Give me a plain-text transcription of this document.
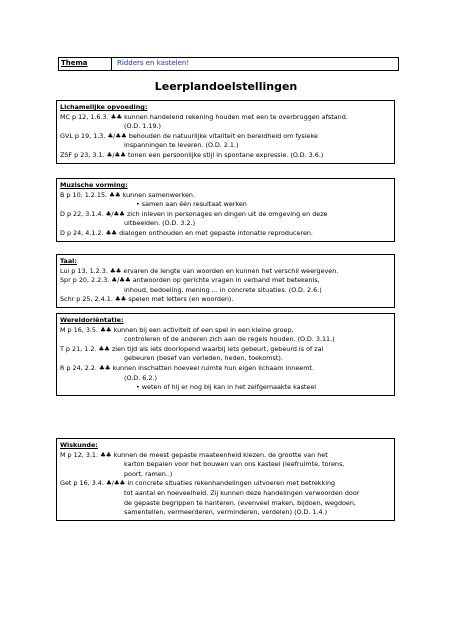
Thema	Ridders en kastelen!
Leerplandoelstellingen
Lichamelijke opvoeding:
MC p 12, 1.6.3. ♣♣ kunnen handelend rekening houden met een te overbruggen afstand.
(O.D. 1.19.)
GVL p 19, 1.3. ♣/♣♣ behouden de natuurlijke vitaliteit en bereidheid om fysieke
inspanningen te leveren. (O.D. 2.1.)
ZSF p 23, 3.1. ♣/♣♣ tonen een persoonlijke stijl in spontane expressie. (O.D. 3.6.)
Muzische vorming:
B p 10, 1.2.15. ♣♣ kunnen samenwerken.
• samen aan één resultaat werken
D p 22, 3.1.4. ♣/♣♣ zich inleven in personages en dingen uit de omgeving en deze
uitbeelden. (O.D. 3.2.)
D p 24, 4.1.2. ♣♣ dialogen onthouden en met gepaste intonatie reproduceren.
Taal:
Lui p 13, 1.2.3. ♣♣ ervaren de lengte van woorden en kunnen het verschil weergeven.
Spr p 20, 2.2.3. ♣/♣♣ antwoorden op gerichte vragen in verband met betekenis,
inhoud, bedoeling, mening ... in concrete situaties. (O.D. 2.6.)
Schr p 25, 2.4.1. ♣♣ spelen met letters (en woorden).
Wereldoriëntatie:
M p 16, 3.5. ♣♣ kunnen bij een activiteit of een spel in een kleine groep,
controleren of de anderen zich aan de regels houden. (O.D. 3.11.)
T p 21, 1.2. ♣♣ zien tijd als iets doorlopend waarbij iets gebeurt, gebeurd is of zal
gebeuren (besef van verleden, heden, toekomst).
R p 24, 2.2. ♣♣ kunnen inschatten hoeveel ruimte hun eigen lichaam inneemt.
(O.D. 6.2.)
• weten of hij er nog bij kan in het zelfgemaakte kasteel
Wiskunde:
M p 12, 3.1. ♣♣ kunnen de meest gepaste maateenheid kiezen. de grootte van het
karton bepalen voor het bouwen van ons kasteel (leefruimte, torens,
poort, ramen..)
Get p 16, 3.4. ♣/♣♣ in concrete situaties rekenhandelingen uitvoeren met betrekking
tot aantal en hoeveelheid. Zij kunnen deze handelingen verwoorden door
de gepaste begrippen te hanteren. (evenveel maken, bijdoen, wegdoen,
samentellen, vermeerderen, verminderen, verdelen) (O.D. 1.4.)
